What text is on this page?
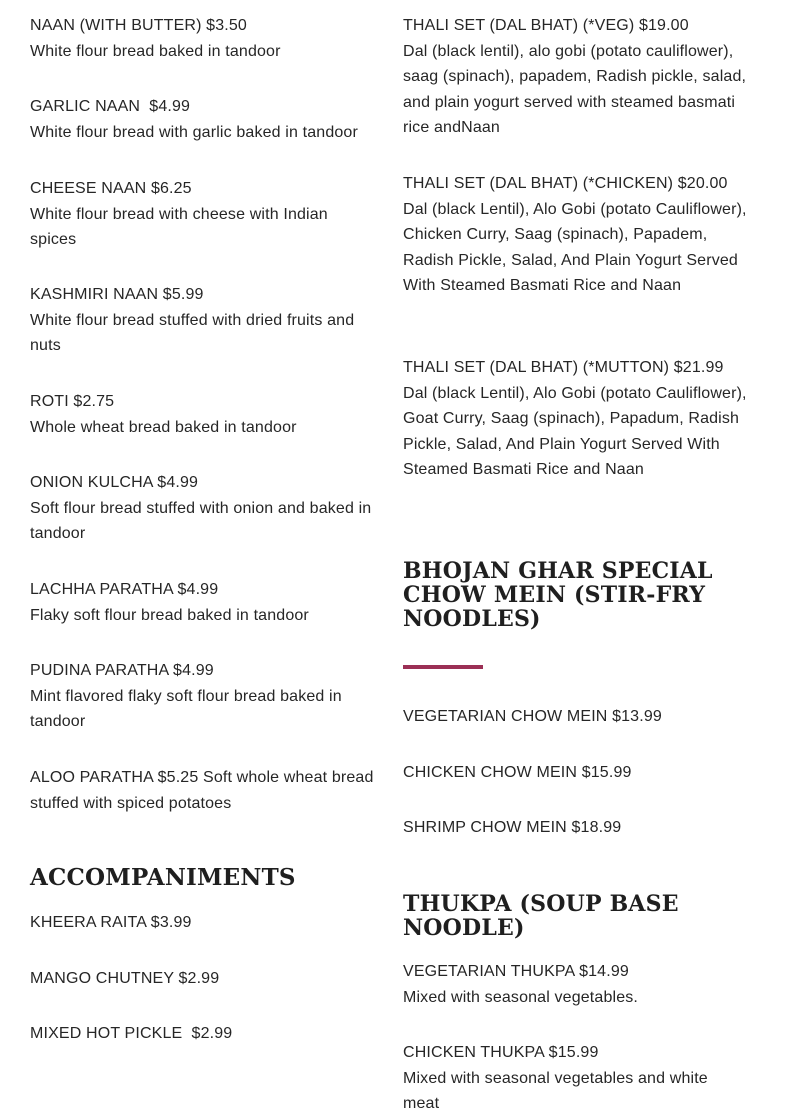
NAAN (WITH BUTTER) $3.50
White flour bread baked in tandoor
GARLIC NAAN  $4.99
White flour bread with garlic baked in tandoor
CHEESE NAAN $6.25
White flour bread with cheese with Indian spices
KASHMIRI NAAN $5.99
White flour bread stuffed with dried fruits and nuts
ROTI $2.75
Whole wheat bread baked in tandoor
ONION KULCHA $4.99
Soft flour bread stuffed with onion and baked in tandoor
LACHHA PARATHA $4.99
Flaky soft flour bread baked in tandoor
PUDINA PARATHA $4.99
Mint flavored flaky soft flour bread baked in tandoor
ALOO PARATHA $5.25 Soft whole wheat bread stuffed with spiced potatoes
ACCOMPANIMENTS
KHEERA RAITA $3.99
MANGO CHUTNEY $2.99
MIXED HOT PICKLE  $2.99
THALI SET (DAL BHAT) (*VEG) $19.00
Dal (black lentil), alo gobi (potato cauliflower), saag (spinach), papadem, Radish pickle, salad, and plain yogurt served with steamed basmati rice andNaan
THALI SET (DAL BHAT) (*CHICKEN) $20.00
Dal (black Lentil), Alo Gobi (potato Cauliflower), Chicken Curry, Saag (spinach), Papadem, Radish Pickle, Salad, And Plain Yogurt Served With Steamed Basmati Rice and Naan
THALI SET (DAL BHAT) (*MUTTON) $21.99
Dal (black Lentil), Alo Gobi (potato Cauliflower), Goat Curry, Saag (spinach), Papadum, Radish Pickle, Salad, And Plain Yogurt Served With Steamed Basmati Rice and Naan
BHOJAN GHAR SPECIAL CHOW MEIN (STIR-FRY NOODLES)
VEGETARIAN CHOW MEIN $13.99
CHICKEN CHOW MEIN $15.99
SHRIMP CHOW MEIN $18.99
THUKPA (SOUP BASE NOODLE)
VEGETARIAN THUKPA $14.99
Mixed with seasonal vegetables.
CHICKEN THUKPA $15.99
Mixed with seasonal vegetables and white meat
